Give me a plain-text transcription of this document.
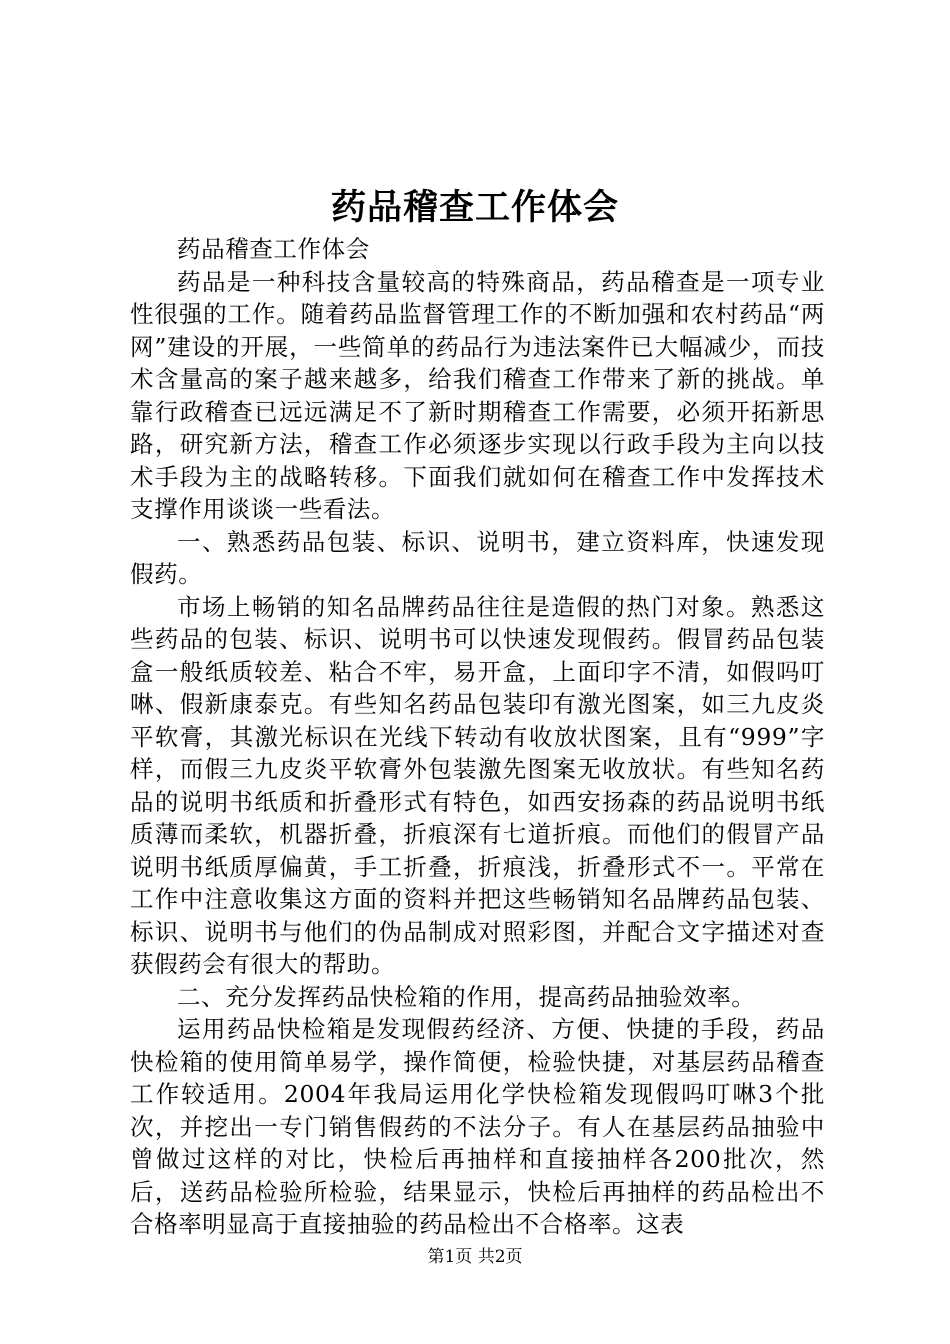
药品稽查工作体会

药品稽查工作体会

药品是一种科技含量较高的特殊商品，药品稽查是一项专业性很强的工作。随着药品监督管理工作的不断加强和农村药品“两网”建设的开展，一些简单的药品行为违法案件已大幅减少，而技术含量高的案子越来越多，给我们稽查工作带来了新的挑战。单靠行政稽查已远远满足不了新时期稽查工作需要，必须开拓新思路，研究新方法，稽查工作必须逐步实现以行政手段为主向以技术手段为主的战略转移。下面我们就如何在稽查工作中发挥技术支撑作用谈谈一些看法。

一、熟悉药品包装、标识、说明书，建立资料库，快速发现假药。

市场上畅销的知名品牌药品往往是造假的热门对象。熟悉这些药品的包装、标识、说明书可以快速发现假药。假冒药品包装盒一般纸质较差、粘合不牢，易开盒，上面印字不清，如假吗叮啉、假新康泰克。有些知名药品包装印有激光图案，如三九皮炎平软膏，其激光标识在光线下转动有收放状图案，且有“999”字样，而假三九皮炎平软膏外包装激先图案无收放状。有些知名药品的说明书纸质和折叠形式有特色，如西安扬森的药品说明书纸质薄而柔软，机器折叠，折痕深有七道折痕。而他们的假冒产品说明书纸质厚偏黄，手工折叠，折痕浅，折叠形式不一。平常在工作中注意收集这方面的资料并把这些畅销知名品牌药品包装、标识、说明书与他们的伪品制成对照彩图，并配合文字描述对查获假药会有很大的帮助。

二、充分发挥药品快检箱的作用，提高药品抽验效率。

运用药品快检箱是发现假药经济、方便、快捷的手段，药品快检箱的使用简单易学，操作简便，检验快捷，对基层药品稽查工作较适用。2004年我局运用化学快检箱发现假吗叮啉3个批次，并挖出一专门销售假药的不法分子。有人在基层药品抽验中曾做过这样的对比，快检后再抽样和直接抽样各200批次，然后，送药品检验所检验，结果显示，快检后再抽样的药品检出不合格率明显高于直接抽验的药品检出不合格率。这表

第1页 共2页
